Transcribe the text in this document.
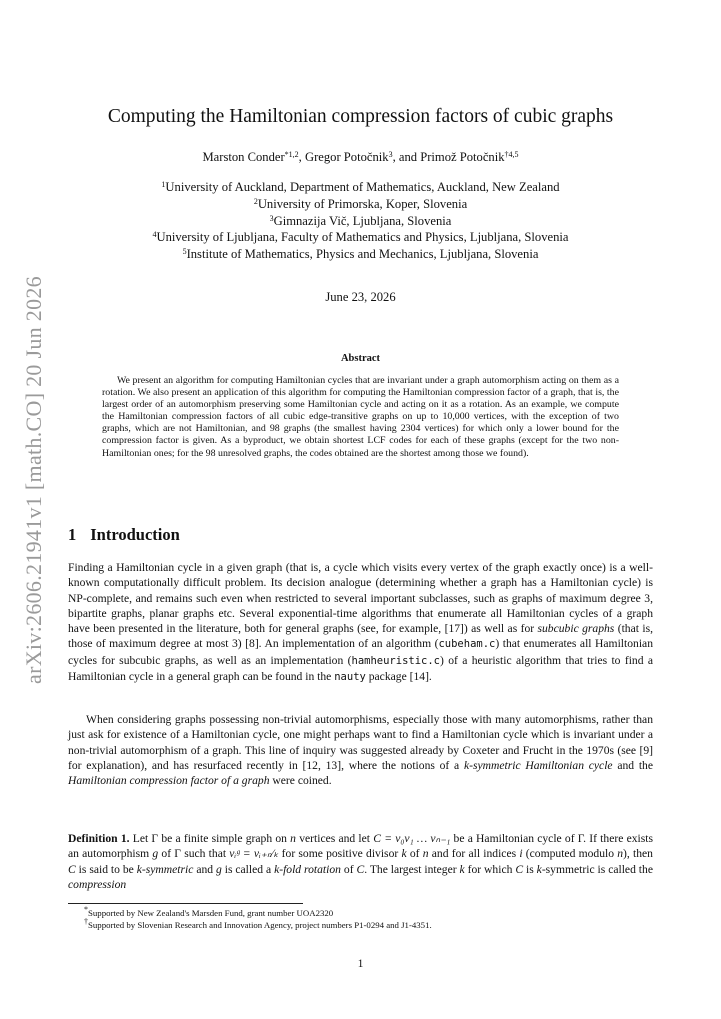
arXiv:2606.21941v1 [math.CO] 20 Jun 2026
Computing the Hamiltonian compression factors of cubic graphs
Marston Conder$^{*1,2}$, Gregor Potočnik$^3$, and Primož Potočnik$^{\dagger 4,5}$
$^1$University of Auckland, Department of Mathematics, Auckland, New Zealand
$^2$University of Primorska, Koper, Slovenia
$^3$Gimnazija Vič, Ljubljana, Slovenia
$^4$University of Ljubljana, Faculty of Mathematics and Physics, Ljubljana, Slovenia
$^5$Institute of Mathematics, Physics and Mechanics, Ljubljana, Slovenia
June 23, 2026
Abstract
We present an algorithm for computing Hamiltonian cycles that are invariant under a graph automorphism acting on them as a rotation. We also present an application of this algorithm for computing the Hamiltonian compression factor of a graph, that is, the largest order of an automorphism preserving some Hamiltonian cycle and acting on it as a rotation. As an example, we compute the Hamiltonian compression factors of all cubic edge-transitive graphs on up to 10,000 vertices, with the exception of two graphs, which are not Hamiltonian, and 98 graphs (the smallest having 2304 vertices) for which only a lower bound for the compression factor is given. As a byproduct, we obtain shortest LCF codes for each of these graphs (except for the two non-Hamiltonian ones; for the 98 unresolved graphs, the codes obtained are the shortest among those we found).
1 Introduction
Finding a Hamiltonian cycle in a given graph (that is, a cycle which visits every vertex of the graph exactly once) is a well-known computationally difficult problem. Its decision analogue (determining whether a graph has a Hamiltonian cycle) is NP-complete, and remains such even when restricted to several important subclasses, such as graphs of maximum degree 3, bipartite graphs, planar graphs etc. Several exponential-time algorithms that enumerate all Hamiltonian cycles of a graph have been presented in the literature, both for general graphs (see, for example, [17]) as well as for subcubic graphs (that is, those of maximum degree at most 3) [8]. An implementation of an algorithm (cubeham.c) that enumerates all Hamiltonian cycles for subcubic graphs, as well as an implementation (hamheuristic.c) of a heuristic algorithm that tries to find a Hamiltonian cycle in a general graph can be found in the nauty package [14].
When considering graphs possessing non-trivial automorphisms, especially those with many automorphisms, rather than just ask for existence of a Hamiltonian cycle, one might perhaps want to find a Hamiltonian cycle which is invariant under a non-trivial automorphism of a graph. This line of inquiry was suggested already by Coxeter and Frucht in the 1970s (see [9] for explanation), and has resurfaced recently in [12, 13], where the notions of a k-symmetric Hamiltonian cycle and the Hamiltonian compression factor of a graph were coined.
Definition 1. Let Γ be a finite simple graph on n vertices and let C = v₀v₁ … vₙ₋₁ be a Hamiltonian cycle of Γ. If there exists an automorphism g of Γ such that vᵢᵍ = vᵢ₊ₙ⁄ₖ for some positive divisor k of n and for all indices i (computed modulo n), then C is said to be k-symmetric and g is called a k-fold rotation of C. The largest integer k for which C is k-symmetric is called the compression
*Supported by New Zealand's Marsden Fund, grant number UOA2320
†Supported by Slovenian Research and Innovation Agency, project numbers P1-0294 and J1-4351.
1
